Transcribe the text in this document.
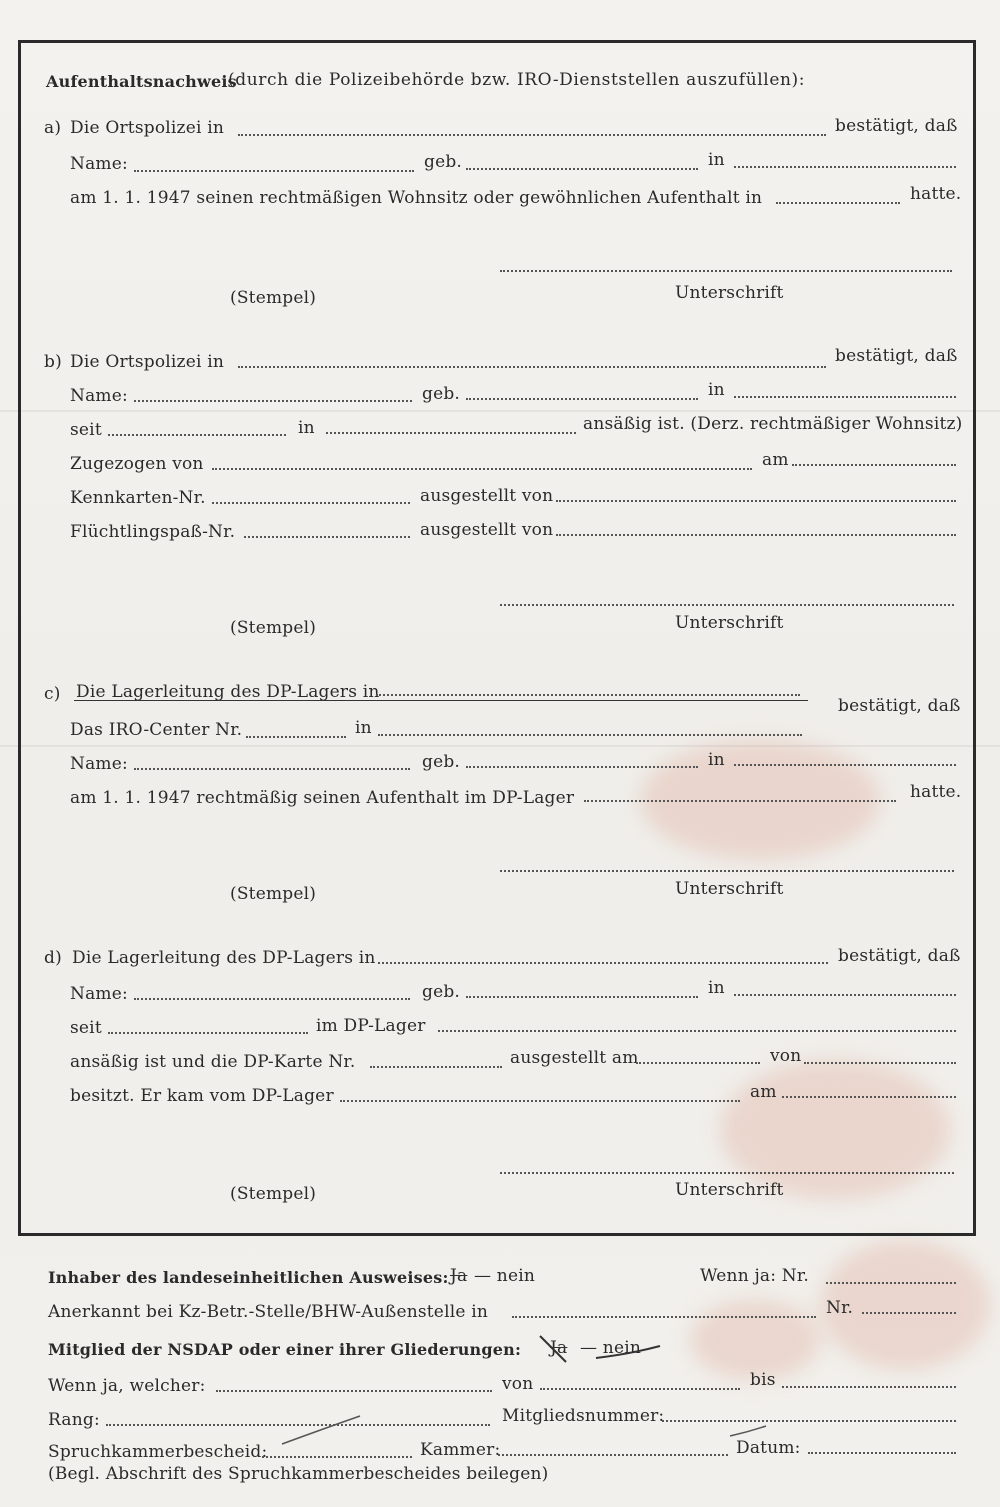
Aufenthaltsnachweis
(durch die Polizeibehörde bzw. IRO-Dienststellen auszufüllen):
a) Die Ortspolizei in	bestätigt, daß
Name:	geb.	in
am 1. 1. 1947 seinen rechtmäßigen Wohnsitz oder gewöhnlichen Aufenthalt in	hatte.
(Stempel)	Unterschrift
b) Die Ortspolizei in	bestätigt, daß
Name:	geb.	in
seit	in	ansäßig ist. (Derz. rechtmäßiger Wohnsitz)
Zugezogen von	am
Kennkarten-Nr.	ausgestellt von
Flüchtlingspaß-Nr.	ausgestellt von
(Stempel)	Unterschrift
c) Die Lagerleitung des DP-Lagers in
bestätigt, daß
Das IRO-Center Nr.	in
Name:	geb.	in
am 1. 1. 1947 rechtmäßig seinen Aufenthalt im DP-Lager	hatte.
(Stempel)	Unterschrift
d) Die Lagerleitung des DP-Lagers in	bestätigt, daß
Name:	geb.	in
seit	im DP-Lager
ansäßig ist und die DP-Karte Nr.	ausgestellt am	von
besitzt. Er kam vom DP-Lager	am
(Stempel)	Unterschrift
Inhaber des landeseinheitlichen Ausweises: Ja — nein	Wenn ja: Nr.
Anerkannt bei Kz-Betr.-Stelle/BHW-Außenstelle in	Nr.
Mitglied der NSDAP oder einer ihrer Gliederungen: Ja — nein
Wenn ja, welcher:	von	bis
Rang:	Mitgliedsnummer:
Spruchkammerbescheid:	Kammer:	Datum:
(Begl. Abschrift des Spruchkammerbescheides beilegen)
